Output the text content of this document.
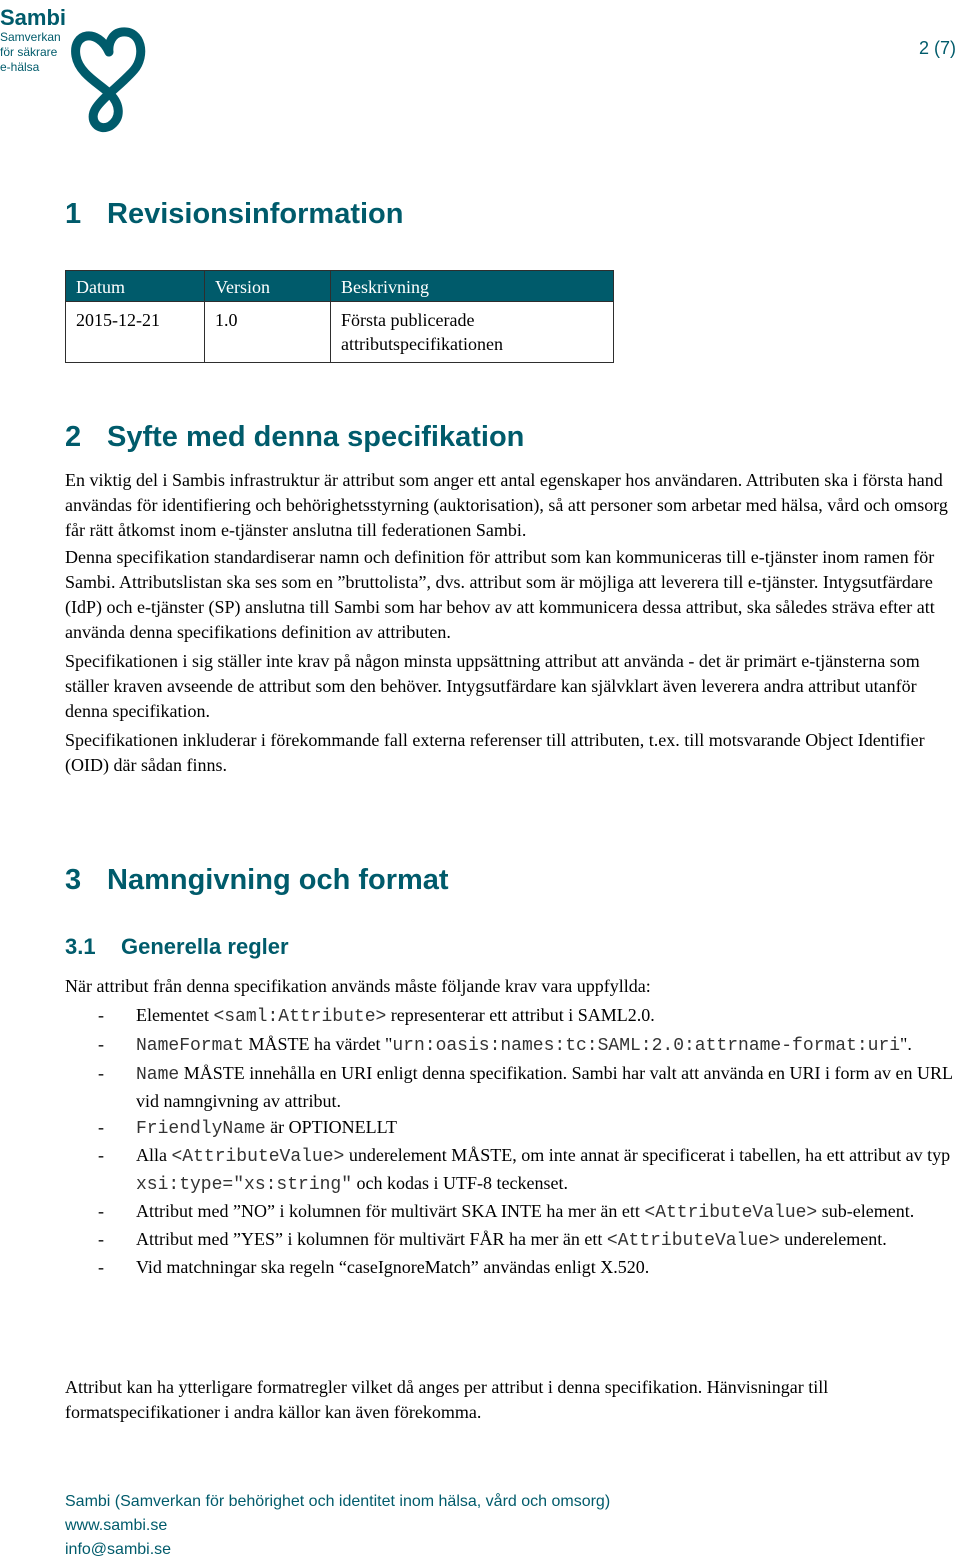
Sambi
Samverkan
för säkrare
e-hälsa
2 (7)
1 Revisionsinformation
Datum	Version	Beskrivning
2015-12-21	1.0	Första publicerade
attributspecifikationen
2 Syfte med denna specifikation

En viktig del i Sambis infrastruktur är attribut som anger ett antal egenskaper hos användaren. Attributen ska i första hand användas för identifiering och behörighetsstyrning (auktorisation), så att personer som arbetar med hälsa, vård och omsorg får rätt åtkomst inom e-tjänster anslutna till federationen Sambi.

Denna specifikation standardiserar namn och definition för attribut som kan kommuniceras till e-tjänster inom ramen för Sambi. Attributslistan ska ses som en ”bruttolista”, dvs. attribut som är möjliga att leverera till e-tjänster. Intygsutfärdare (IdP) och e-tjänster (SP) anslutna till Sambi som har behov av att kommunicera dessa attribut, ska således sträva efter att använda denna specifikations definition av attributen.

Specifikationen i sig ställer inte krav på någon minsta uppsättning attribut att använda - det är primärt e-tjänsterna som ställer kraven avseende de attribut som den behöver. Intygsutfärdare kan självklart även leverera andra attribut utanför denna specifikation.

Specifikationen inkluderar i förekommande fall externa referenser till attributen, t.ex. till motsvarande Object Identifier (OID) där sådan finns.

3 Namngivning och format
3.1 Generella regler
När attribut från denna specifikation används måste följande krav vara uppfyllda:
-	Elementet <saml:Attribute> representerar ett attribut i SAML2.0.
-	NameFormat MÅSTE ha värdet "urn:oasis:names:tc:SAML:2.0:attrname-format:uri".
-	Name MÅSTE innehålla en URI enligt denna specifikation. Sambi har valt att använda en URI i form av en URL vid namngivning av attribut.
-	FriendlyName är OPTIONELLT
-	Alla <AttributeValue> underelement MÅSTE, om inte annat är specificerat i tabellen, ha ett attribut av typ xsi:type="xs:string" och kodas i UTF-8 teckenset.
-	Attribut med ”NO” i kolumnen för multivärt SKA INTE ha mer än ett <AttributeValue> sub-element.
-	Attribut med ”YES” i kolumnen för multivärt FÅR ha mer än ett <AttributeValue> underelement.
-	Vid matchningar ska regeln “caseIgnoreMatch” användas enligt X.520.
Attribut kan ha ytterligare formatregler vilket då anges per attribut i denna specifikation. Hänvisningar till formatspecifikationer i andra källor kan även förekomma.
Sambi (Samverkan för behörighet och identitet inom hälsa, vård och omsorg)
www.sambi.se
info@sambi.se
